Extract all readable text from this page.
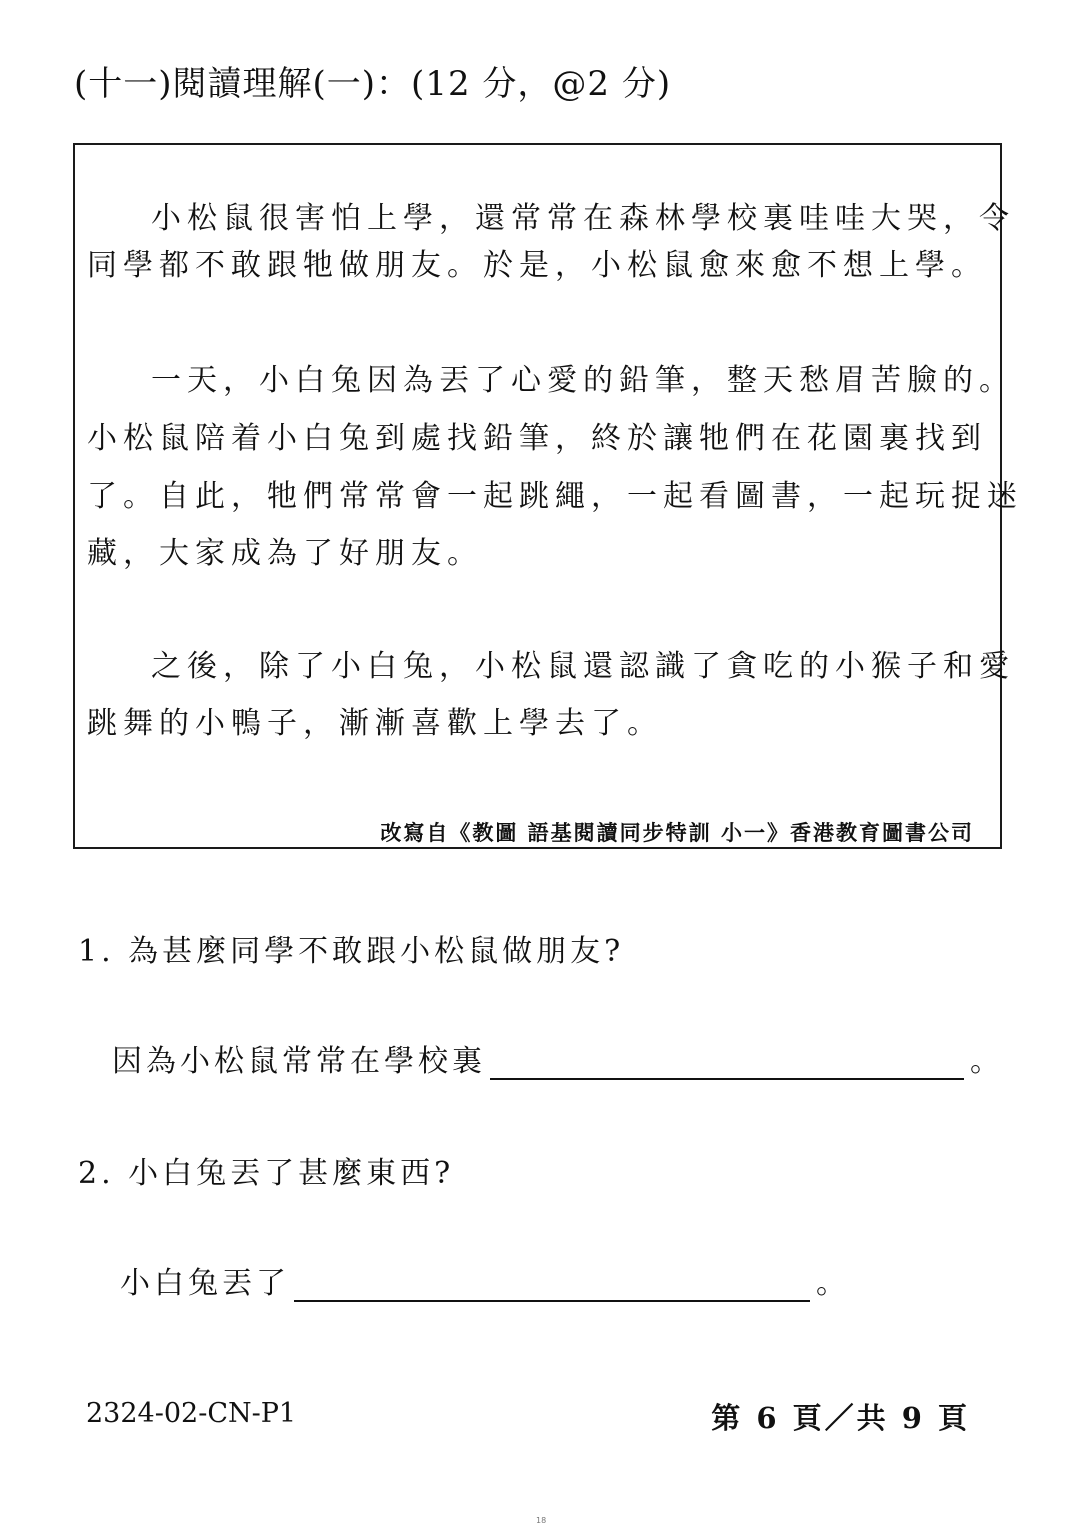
(十一)閱讀理解(一)：(12 分，@2 分)
小松鼠很害怕上學，還常常在森林學校裏哇哇大哭，令
同學都不敢跟牠做朋友。於是，小松鼠愈來愈不想上學。
一天，小白兔因為丟了心愛的鉛筆，整天愁眉苦臉的。
小松鼠陪着小白兔到處找鉛筆，終於讓牠們在花園裏找到
了。自此，牠們常常會一起跳繩，一起看圖書，一起玩捉迷
藏，大家成為了好朋友。
之後，除了小白兔，小松鼠還認識了貪吃的小猴子和愛
跳舞的小鴨子，漸漸喜歡上學去了。
改寫自《教圖 語基閱讀同步特訓 小一》香港教育圖書公司
1. 為甚麼同學不敢跟小松鼠做朋友?
因為小松鼠常常在學校裏	。
2. 小白兔丟了甚麼東西?
小白兔丟了	。
2324-02-CN-P1	第 6 頁／共 9 頁
18
